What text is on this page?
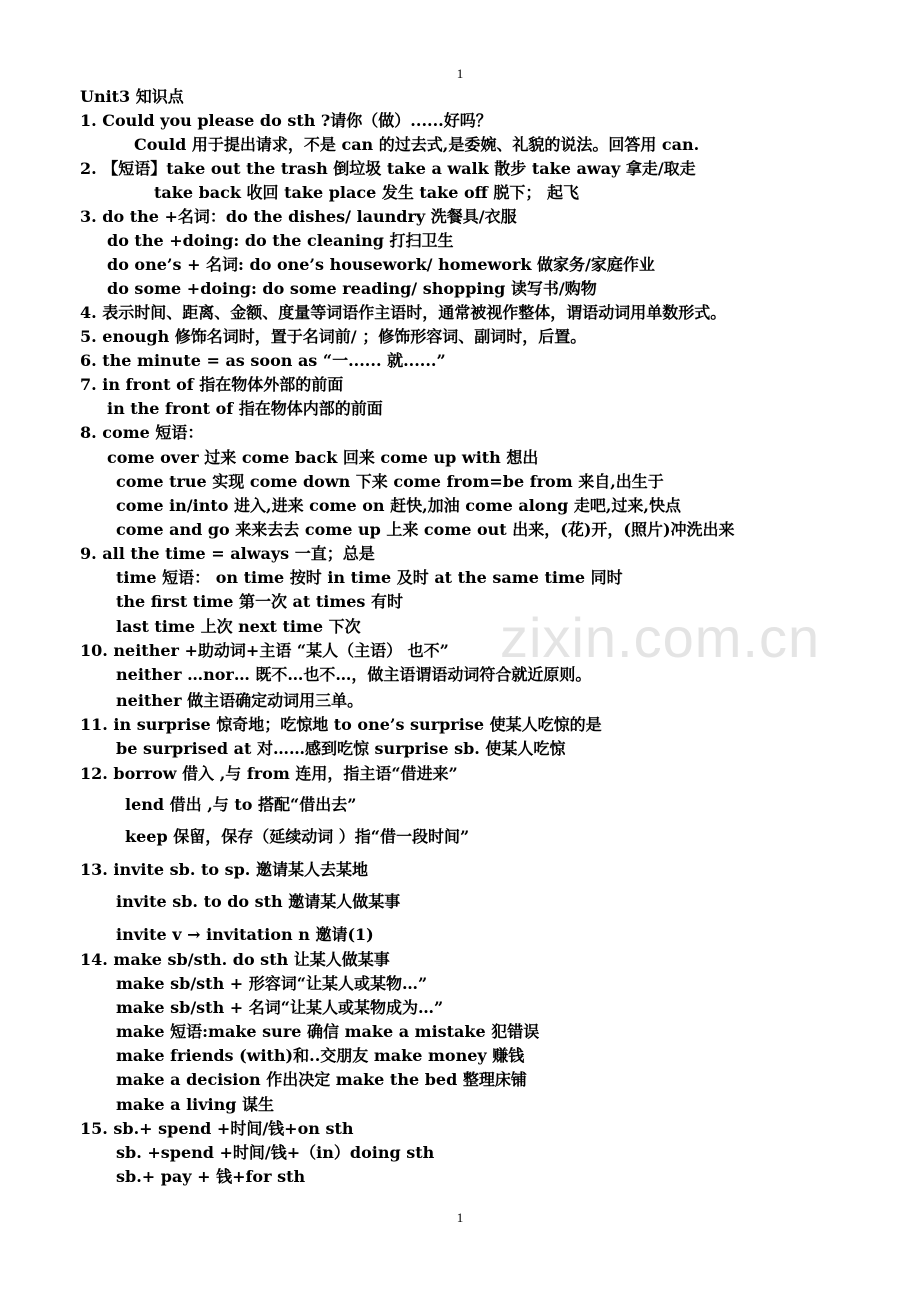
1
zixin.com.cn
Unit3 知识点
1. Could you please do sth ?请你（做）......好吗？
Could 用于提出请求，不是 can 的过去式,是委婉、礼貌的说法。回答用 can.
2. 【短语】take out the trash 倒垃圾 take a walk 散步 take away 拿走/取走
take back 收回 take place 发生 take off 脱下； 起飞
3. do the +名词：do the dishes/ laundry 洗餐具/衣服
do the +doing: do the cleaning 打扫卫生
do one’s + 名词: do one’s housework/ homework 做家务/家庭作业
do some +doing: do some reading/ shopping 读写书/购物
4. 表示时间、距离、金额、度量等词语作主语时，通常被视作整体，谓语动词用单数形式。
5. enough 修饰名词时，置于名词前/ ；修饰形容词、副词时，后置。
6. the minute = as soon as “一...... 就......”
7. in front of 指在物体外部的前面
in the front of 指在物体内部的前面
8. come 短语：
come over 过来 come back 回来 come up with 想出
come true 实现 come down 下来 come from=be from 来自,出生于
come in/into 进入,进来 come on 赶快,加油 come along 走吧,过来,快点
come and go 来来去去 come up 上来 come out 出来，(花)开，(照片)冲洗出来
9. all the time = always 一直；总是
time 短语： on time 按时 in time 及时 at the same time 同时
the first time 第一次 at times 有时
last time 上次 next time 下次
10. neither +助动词+主语 “某人（主语） 也不”
neither …nor… 既不…也不…，做主语谓语动词符合就近原则。
neither 做主语确定动词用三单。
11. in surprise 惊奇地；吃惊地 to one’s surprise 使某人吃惊的是
be surprised at 对……感到吃惊 surprise sb. 使某人吃惊
12. borrow 借入 ,与 from 连用，指主语“借进来”
lend 借出 ,与 to 搭配“借出去”
keep 保留，保存（延续动词 ）指“借一段时间”
13. invite sb. to sp. 邀请某人去某地
invite sb. to do sth 邀请某人做某事
invite v → invitation n 邀请(1)
14. make sb/sth. do sth 让某人做某事
make sb/sth + 形容词“让某人或某物…”
make sb/sth + 名词“让某人或某物成为…”
make 短语:make sure 确信 make a mistake 犯错误
make friends (with)和..交朋友 make money 赚钱
make a decision 作出决定 make the bed 整理床铺
make a living 谋生
15. sb.+ spend +时间/钱+on sth
sb. +spend +时间/钱+（in）doing sth
sb.+ pay + 钱+for sth
1
